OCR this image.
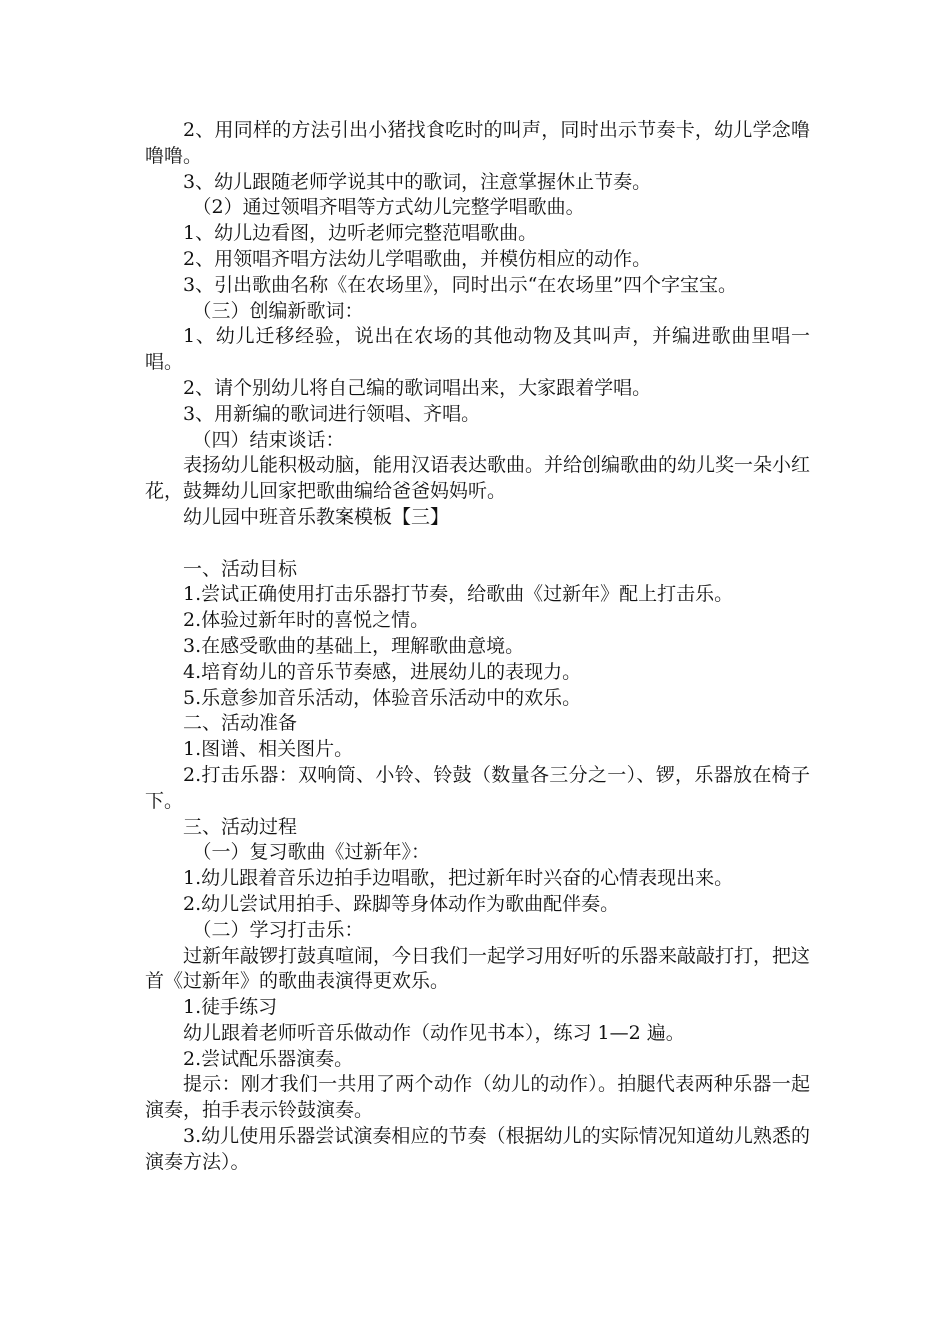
2、用同样的方法引出小猪找食吃时的叫声，同时出示节奏卡，幼儿学念噜噜噜。

3、幼儿跟随老师学说其中的歌词，注意掌握休止节奏。

（2）通过领唱齐唱等方式幼儿完整学唱歌曲。

1、幼儿边看图，边听老师完整范唱歌曲。

2、用领唱齐唱方法幼儿学唱歌曲，并模仿相应的动作。

3、引出歌曲名称《在农场里》，同时出示“在农场里”四个字宝宝。

（三）创编新歌词：

1、幼儿迁移经验，说出在农场的其他动物及其叫声，并编进歌曲里唱一唱。

2、请个别幼儿将自己编的歌词唱出来，大家跟着学唱。

3、用新编的歌词进行领唱、齐唱。

（四）结束谈话：

表扬幼儿能积极动脑，能用汉语表达歌曲。并给创编歌曲的幼儿奖一朵小红花，鼓舞幼儿回家把歌曲编给爸爸妈妈听。

幼儿园中班音乐教案模板【三】

一、活动目标

1.尝试正确使用打击乐器打节奏，给歌曲《过新年》配上打击乐。

2.体验过新年时的喜悦之情。

3.在感受歌曲的基础上，理解歌曲意境。

4.培育幼儿的音乐节奏感，进展幼儿的表现力。

5.乐意参加音乐活动，体验音乐活动中的欢乐。

二、活动准备

1.图谱、相关图片。

2.打击乐器：双响筒、小铃、铃鼓（数量各三分之一）、锣，乐器放在椅子下。

三、活动过程

（一）复习歌曲《过新年》：

1.幼儿跟着音乐边拍手边唱歌，把过新年时兴奋的心情表现出来。

2.幼儿尝试用拍手、跺脚等身体动作为歌曲配伴奏。

（二）学习打击乐：

过新年敲锣打鼓真喧闹，今日我们一起学习用好听的乐器来敲敲打打，把这首《过新年》的歌曲表演得更欢乐。

1.徒手练习

幼儿跟着老师听音乐做动作（动作见书本），练习 1—2 遍。

2.尝试配乐器演奏。

提示：刚才我们一共用了两个动作（幼儿的动作）。拍腿代表两种乐器一起演奏，拍手表示铃鼓演奏。

3.幼儿使用乐器尝试演奏相应的节奏（根据幼儿的实际情况知道幼儿熟悉的演奏方法）。
